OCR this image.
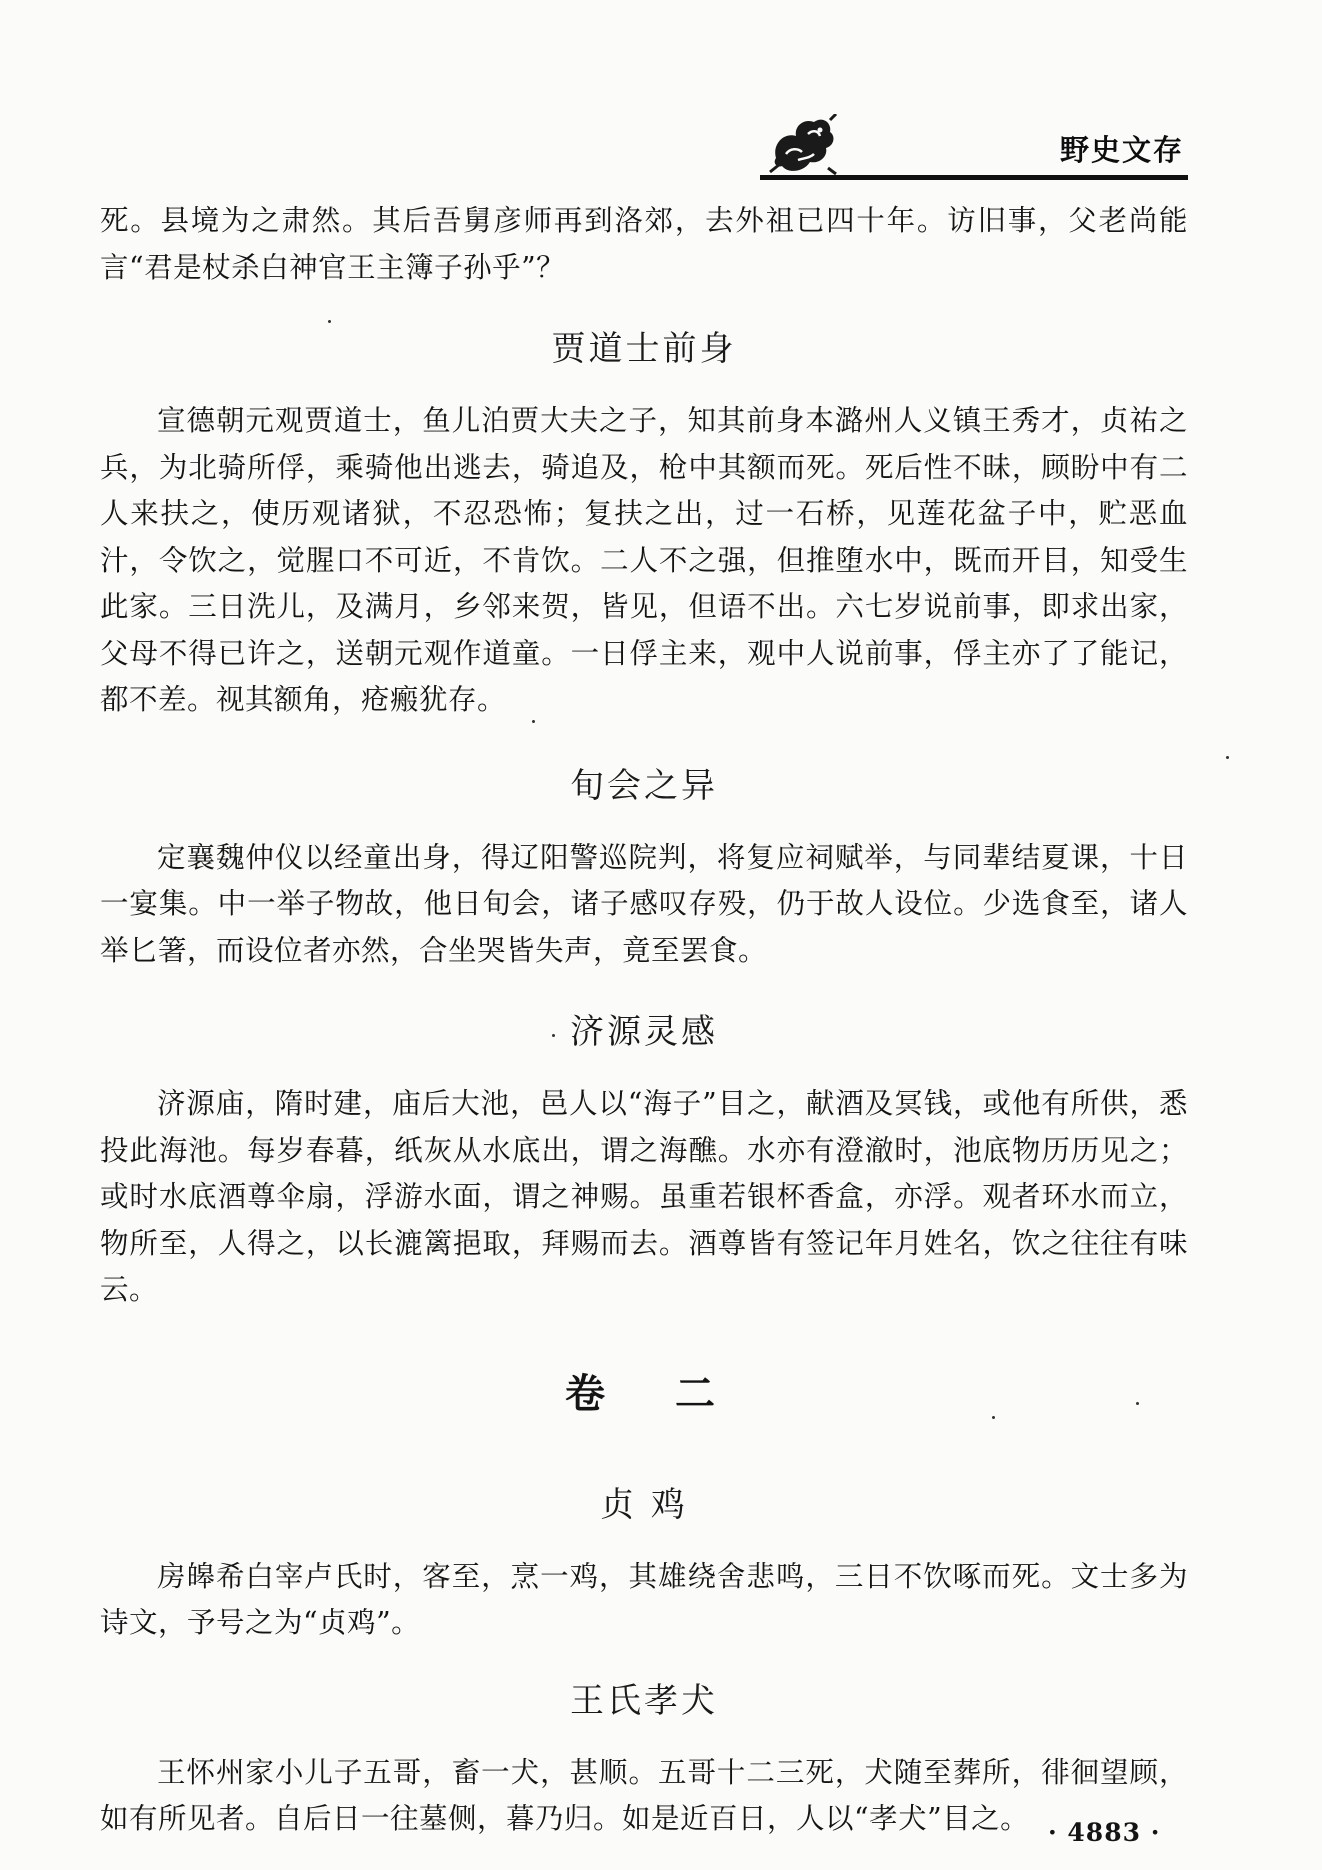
野史文存

死。县境为之肃然。其后吾舅彦师再到洛郊，去外祖已四十年。访旧事，父老尚能言“君是杖杀白神官王主簿子孙乎”？

贾道士前身

宣德朝元观贾道士，鱼儿泊贾大夫之子，知其前身本潞州人义镇王秀才，贞祐之兵，为北骑所俘，乘骑他出逃去，骑追及，枪中其额而死。死后性不昧，顾盼中有二人来扶之，使历观诸狱，不忍恐怖；复扶之出，过一石桥，见莲花盆子中，贮恶血汁，令饮之，觉腥口不可近，不肯饮。二人不之强，但推堕水中，既而开目，知受生此家。三日洗儿，及满月，乡邻来贺，皆见，但语不出。六七岁说前事，即求出家，父母不得已许之，送朝元观作道童。一日俘主来，观中人说前事，俘主亦了了能记，都不差。视其额角，疮瘢犹存。

旬会之异

定襄魏仲仪以经童出身，得辽阳警巡院判，将复应祠赋举，与同辈结夏课，十日一宴集。中一举子物故，他日旬会，诸子感叹存殁，仍于故人设位。少选食至，诸人举匕箸，而设位者亦然，合坐哭皆失声，竟至罢食。

济源灵感

济源庙，隋时建，庙后大池，邑人以“海子”目之，献酒及冥钱，或他有所供，悉投此海池。每岁春暮，纸灰从水底出，谓之海醮。水亦有澄澈时，池底物历历见之；或时水底酒尊伞扇，浮游水面，谓之神赐。虽重若银杯香盒，亦浮。观者环水而立，物所至，人得之，以长漉篱挹取，拜赐而去。酒尊皆有签记年月姓名，饮之往往有味云。

卷 二
贞 鸡

房皞希白宰卢氏时，客至，烹一鸡，其雄绕舍悲鸣，三日不饮啄而死。文士多为诗文，予号之为“贞鸡”。

王氏孝犬

王怀州家小儿子五哥，畜一犬，甚顺。五哥十二三死，犬随至葬所，徘徊望顾，如有所见者。自后日一往墓侧，暮乃归。如是近百日，人以“孝犬”目之。 · 4883 ·
